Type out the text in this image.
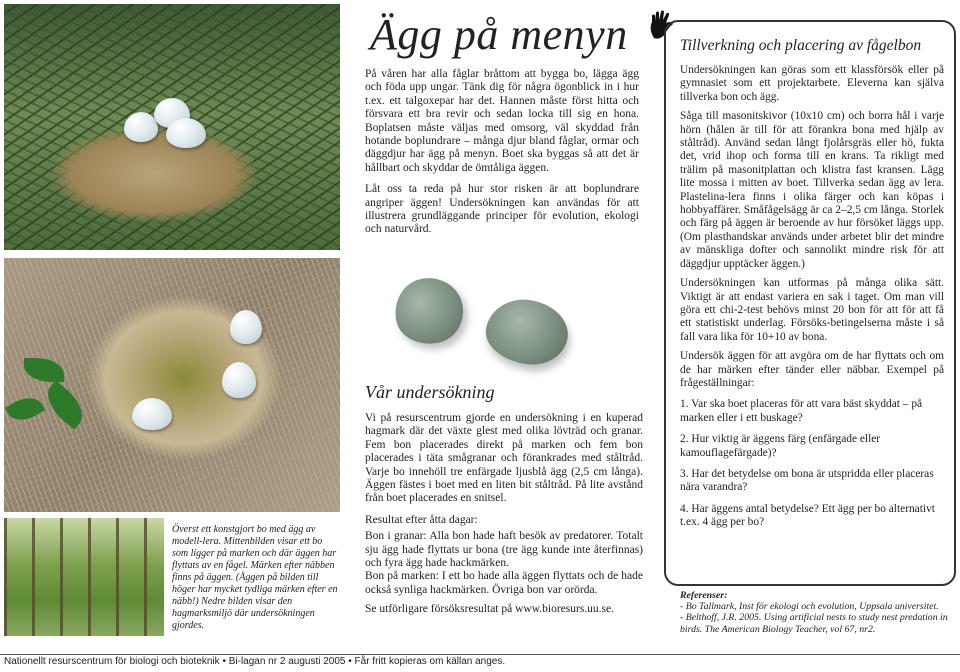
Överst ett konstgjort bo med ägg av modell-lera. Mittenbilden visar ett bo som ligger på marken och där äggen har flyttats av en fågel. Märken efter näbben finns på äggen. (Äggen på bilden till höger har mycket tydliga märken efter en näbb!) Nedre bilden visar den hagmarksmiljö där undersökningen gjordes.

Ägg på menyn

På våren har alla fåglar bråttom att bygga bo, lägga ägg och föda upp ungar. Tänk dig för några ögonblick in i hur t.ex. ett talgoxepar har det. Hannen måste först hitta och försvara ett bra revir och sedan locka till sig en hona. Boplatsen måste väljas med omsorg, väl skyddad från hotande boplundrare – många djur bland fåglar, ormar och däggdjur har ägg på menyn. Boet ska byggas så att det är hållbart och skyddar de ömtåliga äggen.

Låt oss ta reda på hur stor risken är att boplundrare angriper äggen! Undersökningen kan användas för att illustrera grundläggande principer för evolution, ekologi och naturvård.

Vår undersökning

Vi på resurscentrum gjorde en undersökning i en kuperad hagmark där det växte glest med olika lövträd och granar. Fem bon placerades direkt på marken och fem bon placerades i täta smågranar och förankrades med ståltråd. Varje bo innehöll tre enfärgade ljusblå ägg (2,5 cm långa). Äggen fästes i boet med en liten bit ståltråd. På lite avstånd från boet placerades en snitsel.

Resultat efter åtta dagar:

Bon i granar: Alla bon hade haft besök av predatorer. Totalt sju ägg hade flyttats ur bona (tre ägg kunde inte återfinnas) och fyra ägg hade hackmärken.

Bon på marken: I ett bo hade alla äggen flyttats och de hade också synliga hackmärken. Övriga bon var orörda.

Se utförligare försöksresultat på www.bioresurs.uu.se.

Tillverkning och placering av fågelbon

Undersökningen kan göras som ett klassförsök eller på gymnasiet som ett projektarbete. Eleverna kan själva tillverka bon och ägg.

Såga till masonitskivor (10x10 cm) och borra hål i varje hörn (hålen är till för att förankra bona med hjälp av ståltråd). Använd sedan långt fjolårsgräs eller hö, fukta det, vrid ihop och forma till en krans. Ta rikligt med trälim på masonitplattan och klistra fast kransen. Lägg lite mossa i mitten av boet. Tillverka sedan ägg av lera. Plastelina-lera finns i olika färger och kan köpas i hobbyaffärer. Småfågelsägg är ca 2–2,5 cm långa. Storlek och färg på äggen är beroende av hur försöket läggs upp. (Om plasthandskar används under arbetet blir det mindre av mänskliga dofter och sannolikt mindre risk för att däggdjur upptäcker äggen.)

Undersökningen kan utformas på många olika sätt. Viktigt är att endast variera en sak i taget. Om man vill göra ett chi-2-test behövs minst 20 bon för att för att få ett statistiskt underlag. Försöks-betingelserna måste i så fall vara lika för 10+10 av bona.

Undersök äggen för att avgöra om de har flyttats och om de har märken efter tänder eller näbbar. Exempel på frågeställningar:

1. Var ska boet placeras för att vara bäst skyddat – på marken eller i ett buskage?
2. Hur viktig är äggens färg (enfärgade eller kamouflagefärgade)?
3. Har det betydelse om bona är utspridda eller placeras nära varandra?
4. Har äggens antal betydelse? Ett ägg per bo alternativt t.ex. 4 ägg per bo?

Referenser:

- Bo Tallmark, Inst för ekologi och evolution, Uppsala universitet.

- Belthoff, J.R. 2005. Using artificial nests to study nest predation in birds. The American Biology Teacher, vol 67, nr2.

Nationellt resurscentrum för biologi och bioteknik • Bi-lagan nr 2 augusti 2005 • Får fritt kopieras om källan anges.
